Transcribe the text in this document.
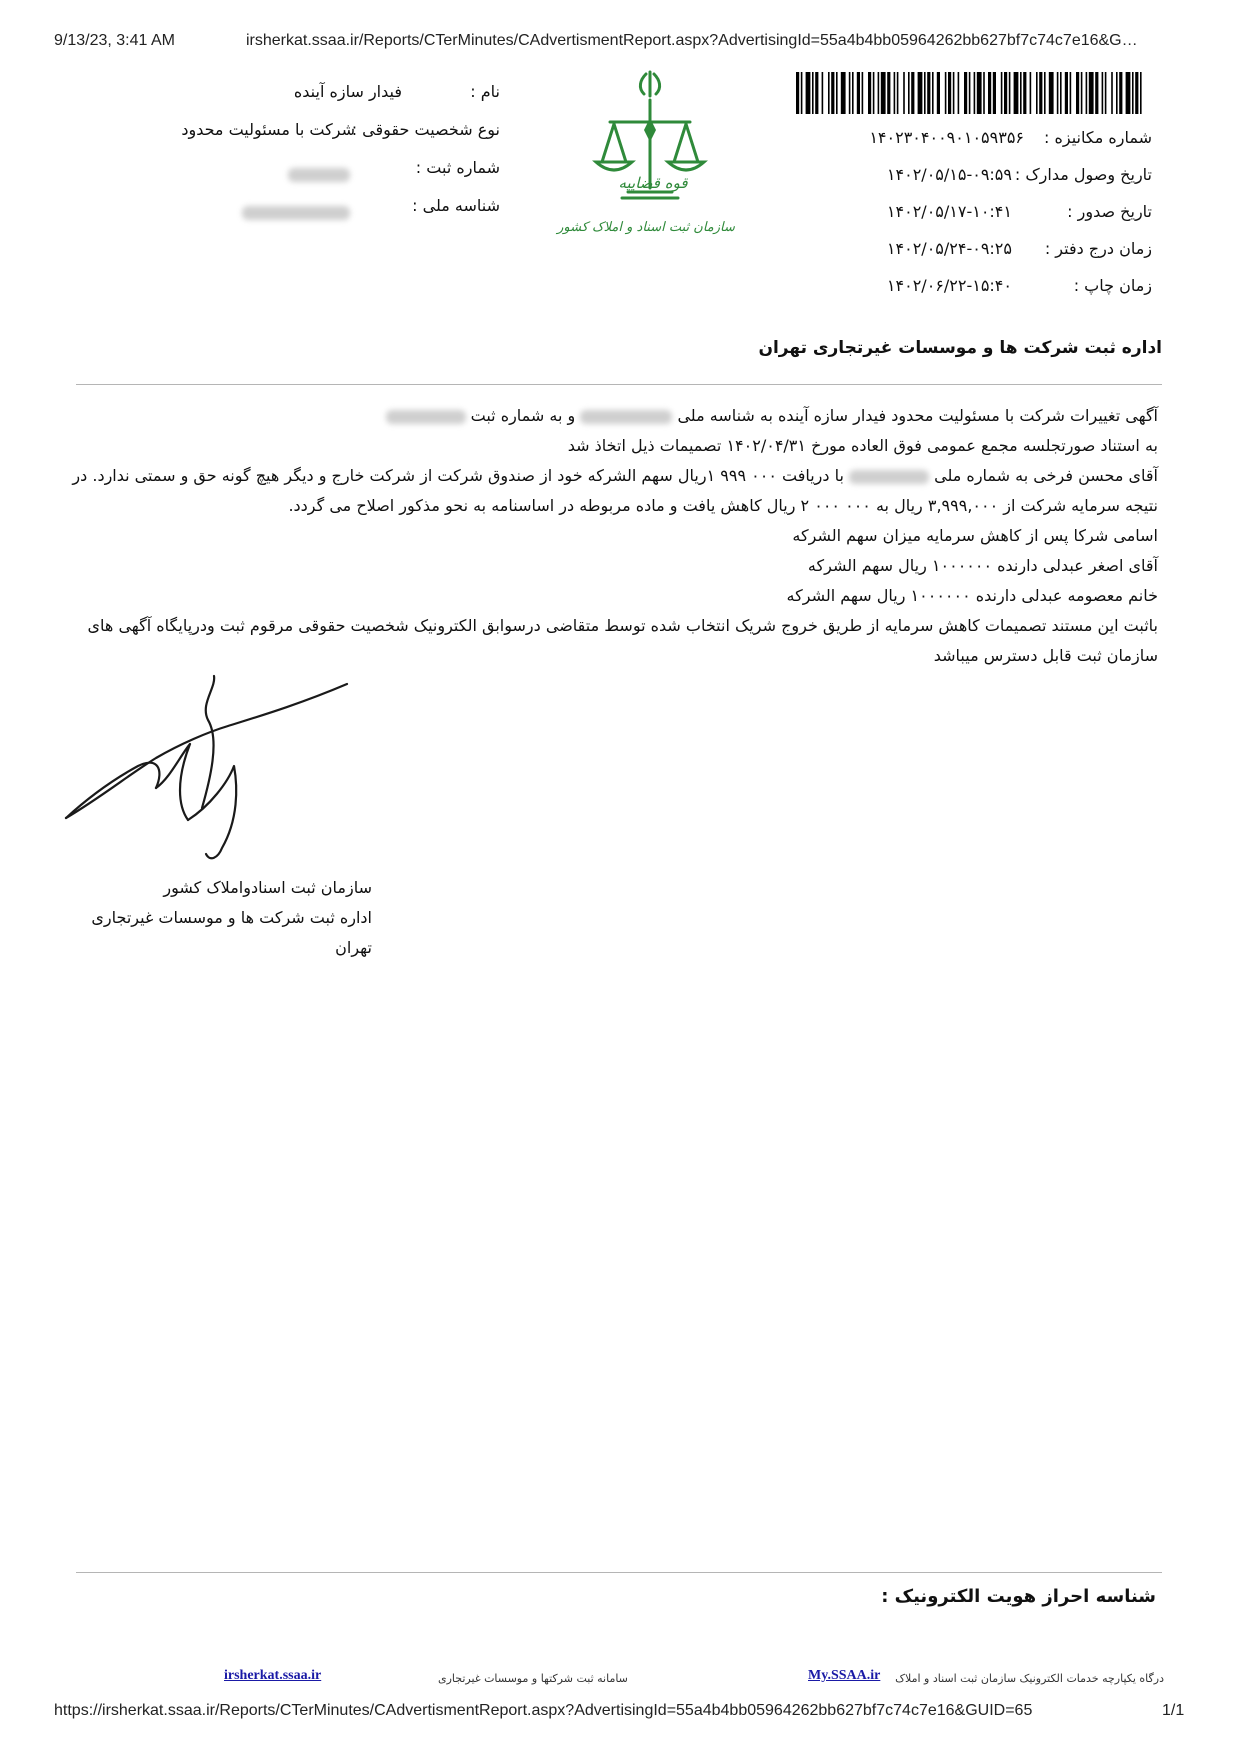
9/13/23, 3:41 AM	irsherkat.ssaa.ir/Reports/CTerMinutes/CAdvertismentReport.aspx?AdvertisingId=55a4b4bb05964262bb627bf7c74c7e16&G…
نام :
فیدار سازه آینده
نوع شخصیت حقوقی :
شرکت با مسئولیت محدود
شماره ثبت :
شناسه ملی :
قوه قضاییه
سازمان ثبت اسناد و املاک کشور
شماره مکانیزه :
۱۴۰۲۳۰۴۰۰۹۰۱۰۵۹۳۵۶
تاریخ وصول مدارک :
۱۴۰۲/۰۵/۱۵-۰۹:۵۹
تاریخ صدور :
۱۴۰۲/۰۵/۱۷-۱۰:۴۱
زمان درج دفتر :
۱۴۰۲/۰۵/۲۴-۰۹:۲۵
زمان چاپ :
۱۴۰۲/۰۶/۲۲-۱۵:۴۰
اداره ثبت شرکت ها و موسسات غیرتجاری تهران

آگهی تغییرات شرکت با مسئولیت محدود فیدار سازه آینده به شناسه ملی  و به شماره ثبت

به استناد صورتجلسه مجمع عمومی فوق العاده مورخ ۱۴۰۲/۰۴/۳۱ تصمیمات ذیل اتخاذ شد

آقای محسن فرخی به شماره ملی  با دریافت ۰۰۰ ۹۹۹ ۱ریال سهم الشرکه خود از صندوق شرکت از شرکت خارج و دیگر هیچ گونه حق و سمتی ندارد. در نتیجه سرمایه شرکت از ۳,۹۹۹,۰۰۰ ریال به ۰۰۰ ۰۰۰ ۲ ریال کاهش یافت و ماده مربوطه در اساسنامه به نحو مذکور اصلاح می گردد.

اسامی شرکا پس از کاهش سرمایه میزان سهم الشرکه

آقای اصغر عبدلی دارنده ۱۰۰۰۰۰۰ ریال سهم الشرکه

خانم معصومه عبدلی دارنده ۱۰۰۰۰۰۰ ریال سهم الشرکه

باثبت این مستند تصمیمات کاهش سرمایه از طریق خروج شریک انتخاب شده توسط متقاضی درسوابق الکترونیک شخصیت حقوقی مرقوم ثبت ودرپایگاه آگهی های سازمان ثبت قابل دسترس میباشد

سازمان ثبت اسنادواملاک کشور
اداره ثبت شرکت ها و موسسات غیرتجاری تهران
شناسه احراز هویت الکترونیک :
درگاه یکپارچه خدمات الکترونیک سازمان ثبت اسناد و املاک
My.SSAA.ir
سامانه ثبت شرکتها و موسسات غیرتجاری
irsherkat.ssaa.ir
https://irsherkat.ssaa.ir/Reports/CTerMinutes/CAdvertismentReport.aspx?AdvertisingId=55a4b4bb05964262bb627bf7c74c7e16&GUID=65	1/1
